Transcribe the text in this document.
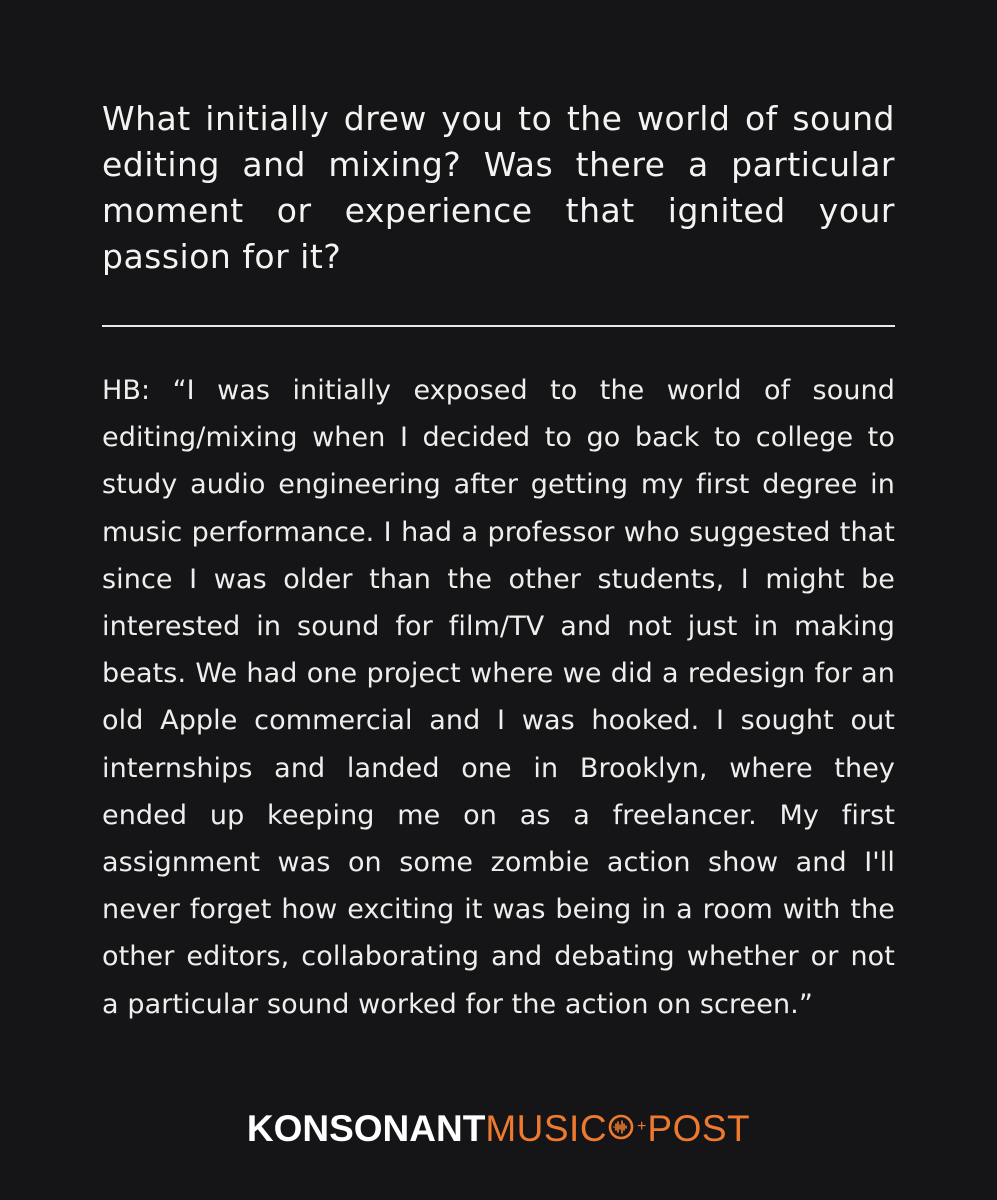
What initially drew you to the world of sound editing and mixing? Was there a particular moment or experience that ignited your passion for it?

HB: “I was initially exposed to the world of sound editing/mixing when I decided to go back to college to study audio engineering after getting my first degree in music performance. I had a professor who suggested that since I was older than the other students, I might be interested in sound for film/TV and not just in making beats. We had one project where we did a redesign for an old Apple commercial and I was hooked. I sought out internships and landed one in Brooklyn, where they ended up keeping me on as a freelancer. My first assignment was on some zombie action show and I'll never forget how exciting it was being in a room with the other editors, collaborating and debating whether or not a particular sound worked for the action on screen.”

KONSONANT MUSIC + POST
